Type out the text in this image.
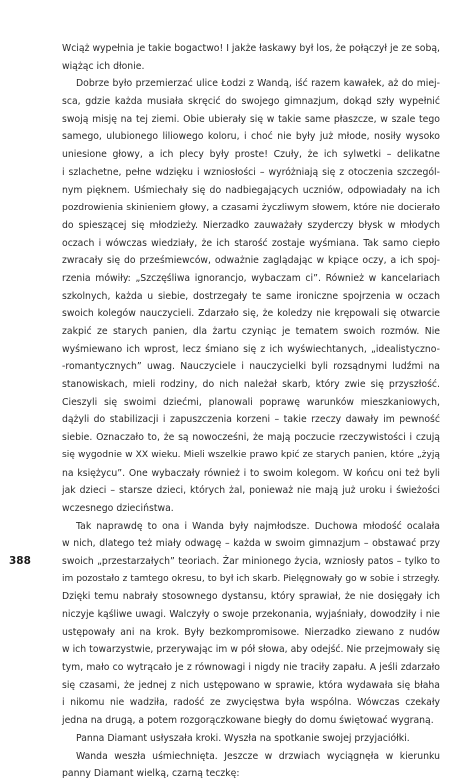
Wciąż wypełnia je takie bogactwo! I jakże łaskawy był los, że połączył je ze sobą,
wiążąc ich dłonie.
Dobrze było przemierzać ulice Łodzi z Wandą, iść razem kawałek, aż do miej-
sca, gdzie każda musiała skręcić do swojego gimnazjum, dokąd szły wypełnić
swoją misję na tej ziemi. Obie ubierały się w takie same płaszcze, w szale tego
samego, ulubionego liliowego koloru, i choć nie były już młode, nosiły wysoko
uniesione głowy, a ich plecy były proste! Czuły, że ich sylwetki – delikatne
i szlachetne, pełne wdzięku i wzniosłości – wyróżniają się z otoczenia szczegól-
nym pięknem. Uśmiechały się do nadbiegających uczniów, odpowiadały na ich
pozdrowienia skinieniem głowy, a czasami życzliwym słowem, które nie docierało
do spieszącej się młodzieży. Nierzadko zauważały szyderczy błysk w młodych
oczach i wówczas wiedziały, że ich starość zostaje wyśmiana. Tak samo ciepło
zwracały się do prześmiewców, odważnie zaglądając w kpiące oczy, a ich spoj-
rzenia mówiły: „Szczęśliwa ignorancjo, wybaczam ci”. Również w kancelariach
szkolnych, każda u siebie, dostrzegały te same ironiczne spojrzenia w oczach
swoich kolegów nauczycieli. Zdarzało się, że koledzy nie krępowali się otwarcie
zakpić ze starych panien, dla żartu czyniąc je tematem swoich rozmów. Nie
wyśmiewano ich wprost, lecz śmiano się z ich wyświechtanych, „idealistyczno-
-romantycznych” uwag. Nauczyciele i nauczycielki byli rozsądnymi ludźmi na
stanowiskach, mieli rodziny, do nich należał skarb, który zwie się przyszłość.
Cieszyli się swoimi dziećmi, planowali poprawę warunków mieszkaniowych,
dążyli do stabilizacji i zapuszczenia korzeni – takie rzeczy dawały im pewność
siebie. Oznaczało to, że są nowocześni, że mają poczucie rzeczywistości i czują
się wygodnie w XX wieku. Mieli wszelkie prawo kpić ze starych panien, które „żyją
na księżycu”. One wybaczały również i to swoim kolegom. W końcu oni też byli
jak dzieci – starsze dzieci, których żal, ponieważ nie mają już uroku i świeżości
wczesnego dzieciństwa.
Tak naprawdę to ona i Wanda były najmłodsze. Duchowa młodość ocalała
w nich, dlatego też miały odwagę – każda w swoim gimnazjum – obstawać przy
swoich „przestarzałych” teoriach. Żar minionego życia, wzniosły patos – tylko to
im pozostało z tamtego okresu, to był ich skarb. Pielęgnowały go w sobie i strzegły.
Dzięki temu nabrały stosownego dystansu, który sprawiał, że nie dosięgały ich
niczyje kąśliwe uwagi. Walczyły o swoje przekonania, wyjaśniały, dowodziły i nie
ustępowały ani na krok. Były bezkompromisowe. Nierzadko ziewano z nudów
w ich towarzystwie, przerywając im w pół słowa, aby odejść. Nie przejmowały się
tym, mało co wytrącało je z równowagi i nigdy nie traciły zapału. A jeśli zdarzało
się czasami, że jednej z nich ustępowano w sprawie, która wydawała się błaha
i nikomu nie wadziła, radość ze zwycięstwa była wspólna. Wówczas czekały
jedna na drugą, a potem rozgorączkowane biegły do domu świętować wygraną.
Panna Diamant usłyszała kroki. Wyszła na spotkanie swojej przyjaciółki.
Wanda weszła uśmiechnięta. Jeszcze w drzwiach wyciągnęła w kierunku
panny Diamant wielką, czarną teczkę:
388
